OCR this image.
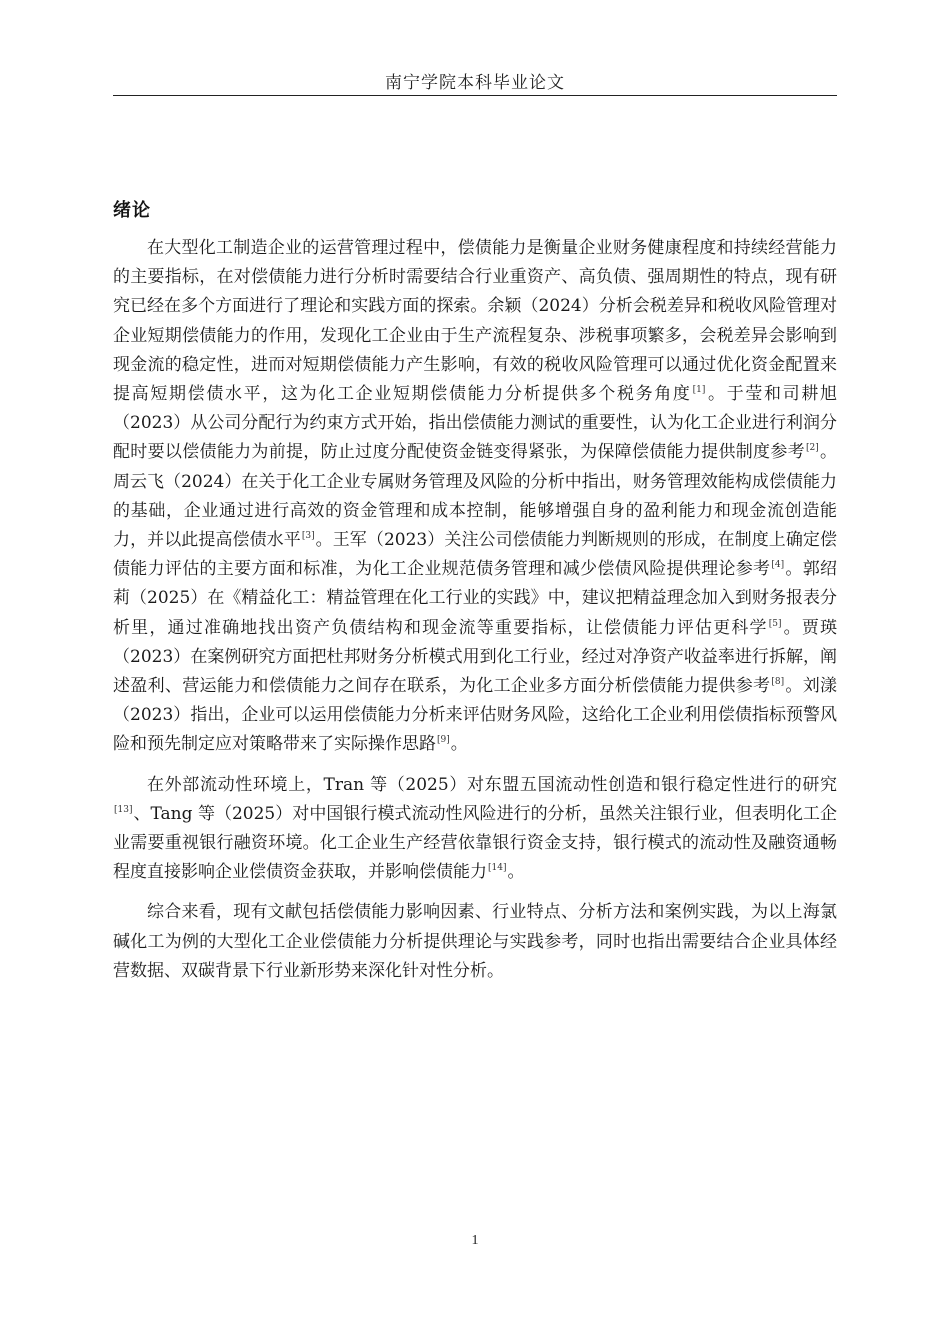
南宁学院本科毕业论文
绪论

在大型化工制造企业的运营管理过程中，偿债能力是衡量企业财务健康程度和持续经营能力的主要指标，在对偿债能力进行分析时需要结合行业重资产、高负债、强周期性的特点，现有研究已经在多个方面进行了理论和实践方面的探索。余颖（2024）分析会税差异和税收风险管理对企业短期偿债能力的作用，发现化工企业由于生产流程复杂、涉税事项繁多，会税差异会影响到现金流的稳定性，进而对短期偿债能力产生影响，有效的税收风险管理可以通过优化资金配置来提高短期偿债水平，这为化工企业短期偿债能力分析提供多个税务角度[1]。于莹和司耕旭（2023）从公司分配行为约束方式开始，指出偿债能力测试的重要性，认为化工企业进行利润分配时要以偿债能力为前提，防止过度分配使资金链变得紧张，为保障偿债能力提供制度参考[2]。周云飞（2024）在关于化工企业专属财务管理及风险的分析中指出，财务管理效能构成偿债能力的基础，企业通过进行高效的资金管理和成本控制，能够增强自身的盈利能力和现金流创造能力，并以此提高偿债水平[3]。王军（2023）关注公司偿债能力判断规则的形成，在制度上确定偿债能力评估的主要方面和标准，为化工企业规范债务管理和减少偿债风险提供理论参考[4]。郭绍莉（2025）在《精益化工：精益管理在化工行业的实践》中，建议把精益理念加入到财务报表分析里，通过准确地找出资产负债结构和现金流等重要指标，让偿债能力评估更科学[5]。贾瑛（2023）在案例研究方面把杜邦财务分析模式用到化工行业，经过对净资产收益率进行拆解，阐述盈利、营运能力和偿债能力之间存在联系，为化工企业多方面分析偿债能力提供参考[8]。刘漾（2023）指出，企业可以运用偿债能力分析来评估财务风险，这给化工企业利用偿债指标预警风险和预先制定应对策略带来了实际操作思路[9]。

在外部流动性环境上，Tran 等（2025）对东盟五国流动性创造和银行稳定性进行的研究[13]、Tang 等（2025）对中国银行模式流动性风险进行的分析，虽然关注银行业，但表明化工企业需要重视银行融资环境。化工企业生产经营依靠银行资金支持，银行模式的流动性及融资通畅程度直接影响企业偿债资金获取，并影响偿债能力[14]。

综合来看，现有文献包括偿债能力影响因素、行业特点、分析方法和案例实践，为以上海氯碱化工为例的大型化工企业偿债能力分析提供理论与实践参考，同时也指出需要结合企业具体经营数据、双碳背景下行业新形势来深化针对性分析。

1
